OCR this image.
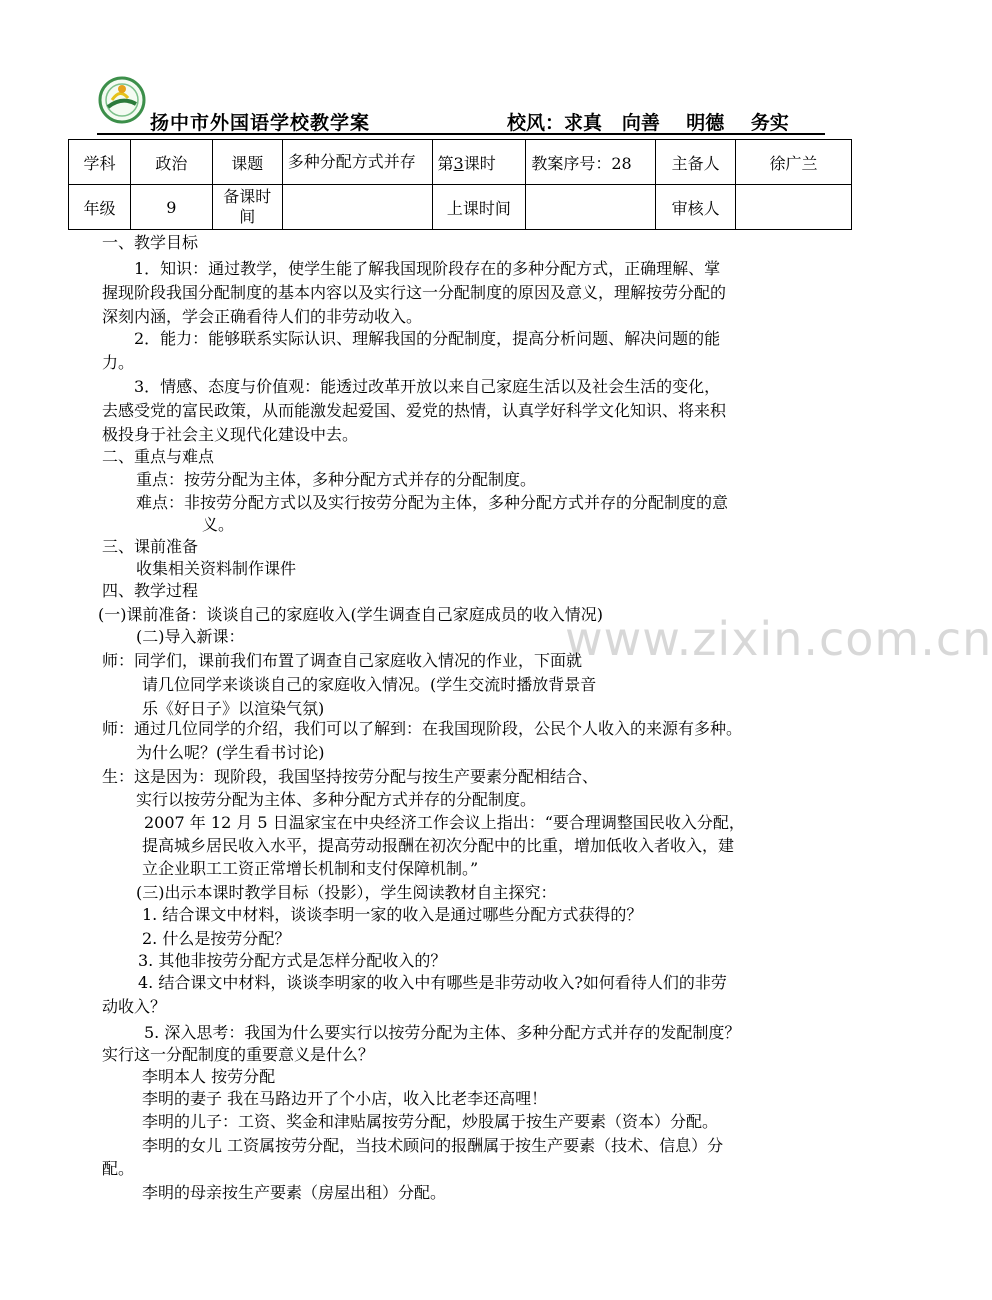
扬中市外国语学校教学案	校风：求真   向善    明德    务实
学科	政治	课题	多种分配方式并存	第3课时	教案序号：28	主备人	徐广兰
年级	9	备课时间		上课时间		审核人	
www.zixin.com.cn
一、教学目标
1．知识：通过教学，使学生能了解我国现阶段存在的多种分配方式，正确理解、掌
握现阶段我国分配制度的基本内容以及实行这一分配制度的原因及意义，理解按劳分配的
深刻内涵，学会正确看待人们的非劳动收入。
2．能力：能够联系实际认识、理解我国的分配制度，提高分析问题、解决问题的能
力。
3．情感、态度与价值观：能透过改革开放以来自己家庭生活以及社会生活的变化，
去感受党的富民政策，从而能激发起爱国、爱党的热情，认真学好科学文化知识、将来积
极投身于社会主义现代化建设中去。
二、重点与难点
重点：按劳分配为主体，多种分配方式并存的分配制度。
难点：非按劳分配方式以及实行按劳分配为主体，多种分配方式并存的分配制度的意
义。
三、课前准备
收集相关资料制作课件
四、教学过程
(一)课前准备：谈谈自己的家庭收入(学生调查自己家庭成员的收入情况)
(二)导入新课：
师：同学们，课前我们布置了调查自己家庭收入情况的作业，下面就
请几位同学来谈谈自己的家庭收入情况。(学生交流时播放背景音
乐《好日子》以渲染气氛)
师：通过几位同学的介绍，我们可以了解到：在我国现阶段，公民个人收入的来源有多种。
为什么呢？(学生看书讨论)
生：这是因为：现阶段，我国坚持按劳分配与按生产要素分配相结合、
实行以按劳分配为主体、多种分配方式并存的分配制度。
2007 年 12 月 5 日温家宝在中央经济工作会议上指出：“要合理调整国民收入分配，
提高城乡居民收入水平，提高劳动报酬在初次分配中的比重，增加低收入者收入，建
立企业职工工资正常增长机制和支付保障机制。”
(三)出示本课时教学目标（投影），学生阅读教材自主探究：
1. 结合课文中材料，谈谈李明一家的收入是通过哪些分配方式获得的？
2. 什么是按劳分配？
3. 其他非按劳分配方式是怎样分配收入的？
4. 结合课文中材料，谈谈李明家的收入中有哪些是非劳动收入?如何看待人们的非劳
动收入？
5. 深入思考：我国为什么要实行以按劳分配为主体、多种分配方式并存的发配制度？
实行这一分配制度的重要意义是什么？
李明本人 按劳分配
李明的妻子 我在马路边开了个小店，收入比老李还高哩！
李明的儿子：工资、奖金和津贴属按劳分配，炒股属于按生产要素（资本）分配。
李明的女儿 工资属按劳分配，当技术顾问的报酬属于按生产要素（技术、信息）分
配。
李明的母亲按生产要素（房屋出租）分配。
